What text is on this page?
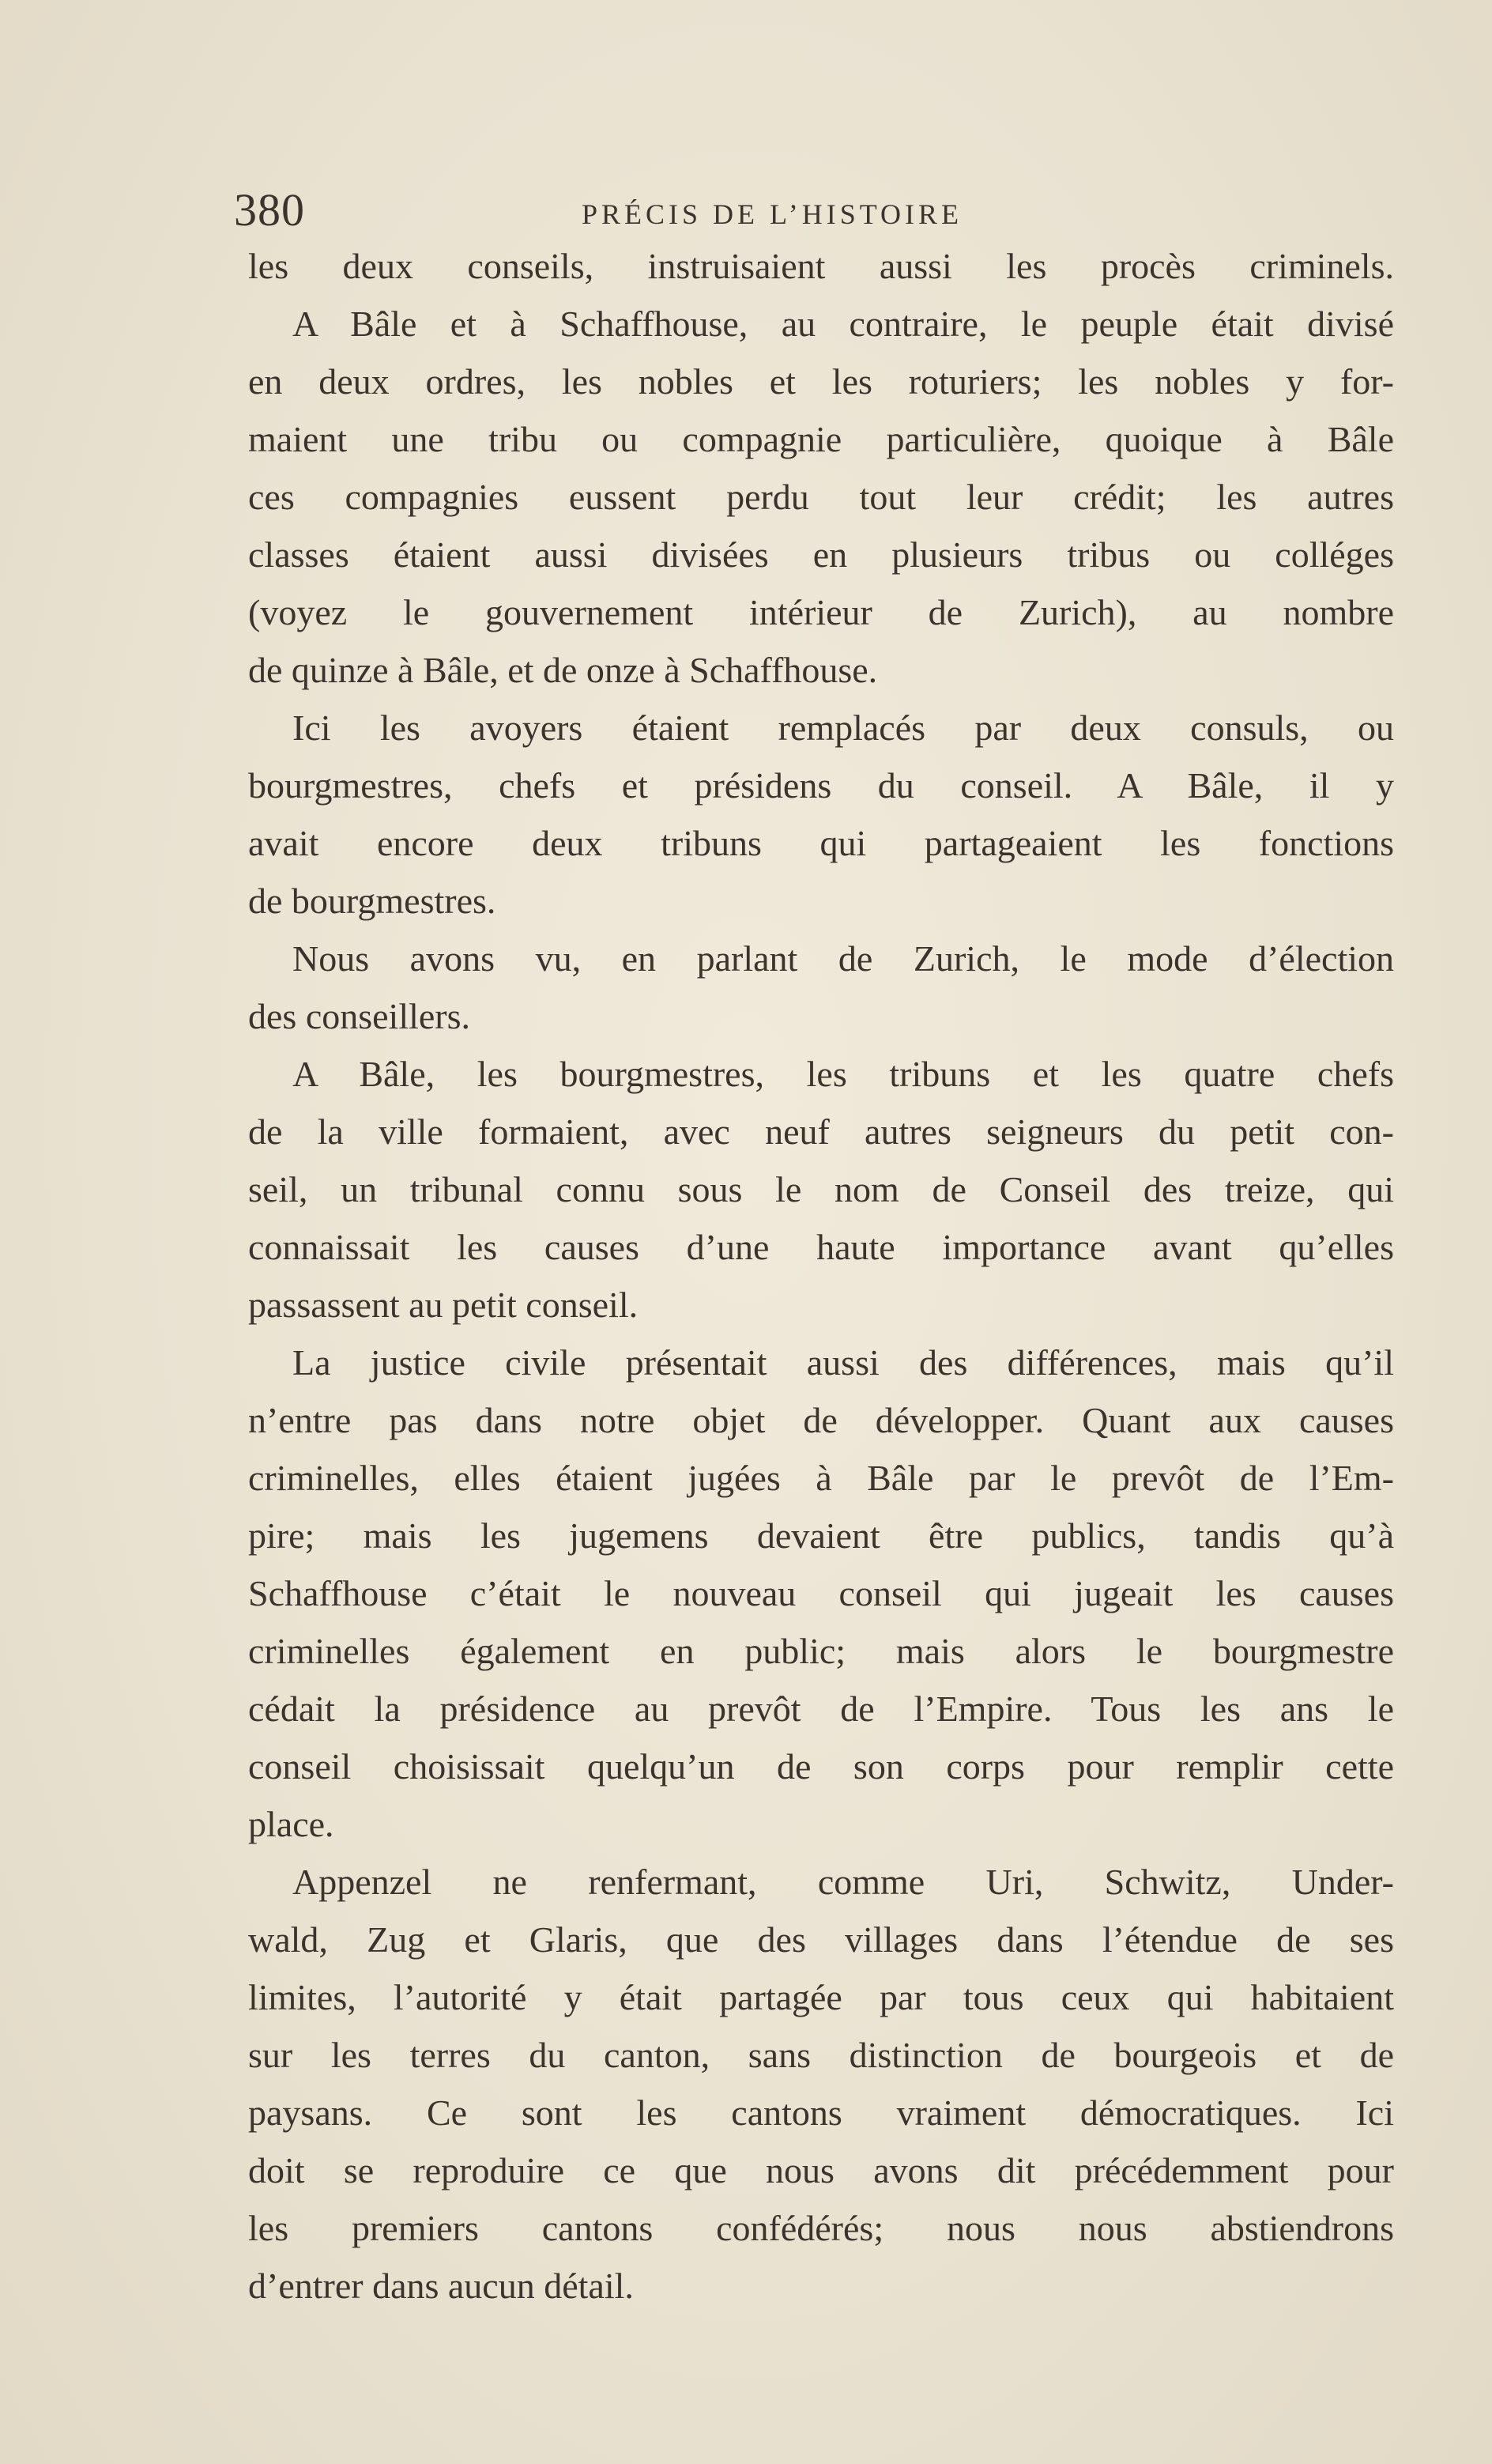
380	PRÉCIS DE L’HISTOIRE
les deux conseils, instruisaient aussi les procès criminels.
A Bâle et à Schaffhouse, au contraire, le peuple était divisé
en deux ordres, les nobles et les roturiers; les nobles y for-
maient une tribu ou compagnie particulière, quoique à Bâle
ces compagnies eussent perdu tout leur crédit; les autres
classes étaient aussi divisées en plusieurs tribus ou colléges
(voyez le gouvernement intérieur de Zurich), au nombre
de quinze à Bâle, et de onze à Schaffhouse.
Ici les avoyers étaient remplacés par deux consuls, ou
bourgmestres, chefs et présidens du conseil. A Bâle, il y
avait encore deux tribuns qui partageaient les fonctions
de bourgmestres.
Nous avons vu, en parlant de Zurich, le mode d’élection
des conseillers.
A Bâle, les bourgmestres, les tribuns et les quatre chefs
de la ville formaient, avec neuf autres seigneurs du petit con-
seil, un tribunal connu sous le nom de Conseil des treize, qui
connaissait les causes d’une haute importance avant qu’elles
passassent au petit conseil.
La justice civile présentait aussi des différences, mais qu’il
n’entre pas dans notre objet de développer. Quant aux causes
criminelles, elles étaient jugées à Bâle par le prevôt de l’Em-
pire; mais les jugemens devaient être publics, tandis qu’à
Schaffhouse c’était le nouveau conseil qui jugeait les causes
criminelles également en public; mais alors le bourgmestre
cédait la présidence au prevôt de l’Empire. Tous les ans le
conseil choisissait quelqu’un de son corps pour remplir cette
place.
Appenzel ne renfermant, comme Uri, Schwitz, Under-
wald, Zug et Glaris, que des villages dans l’étendue de ses
limites, l’autorité y était partagée par tous ceux qui habitaient
sur les terres du canton, sans distinction de bourgeois et de
paysans. Ce sont les cantons vraiment démocratiques. Ici
doit se reproduire ce que nous avons dit précédemment pour
les premiers cantons confédérés; nous nous abstiendrons
d’entrer dans aucun détail.
